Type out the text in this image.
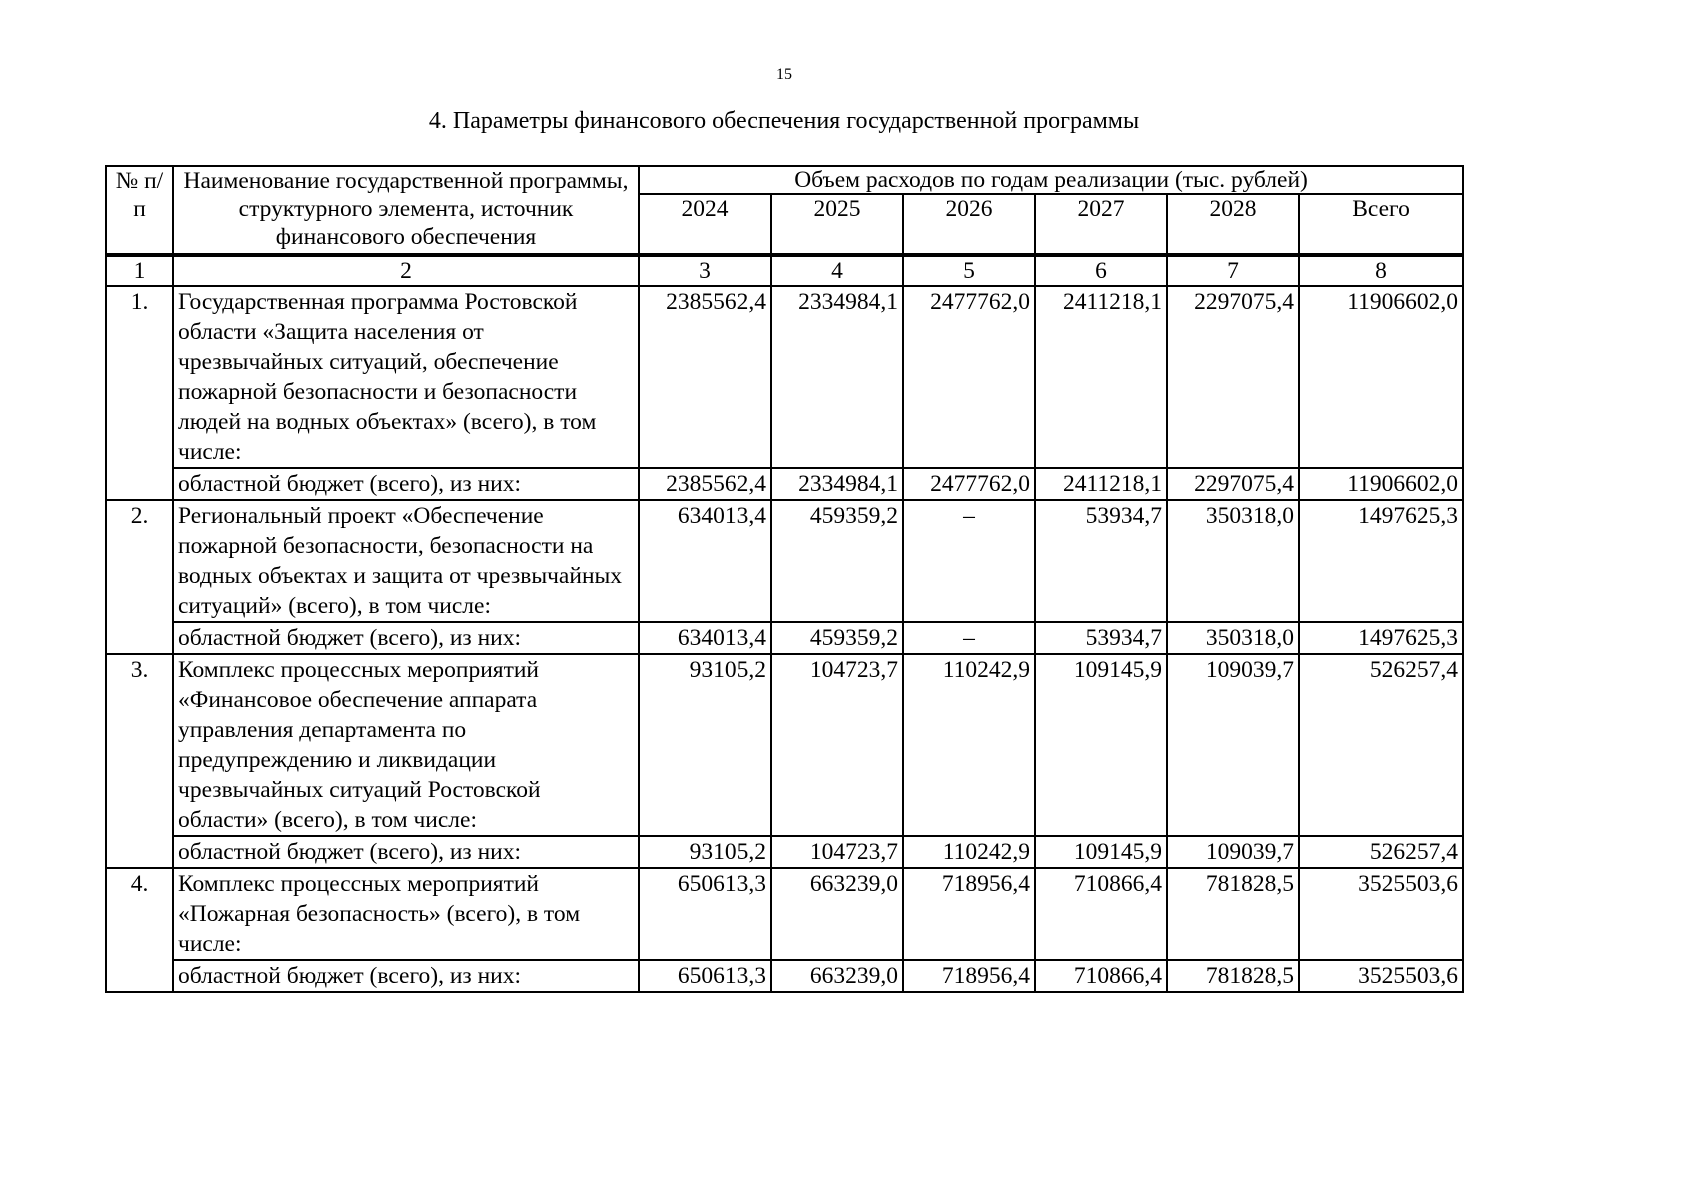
15
4. Параметры финансового обеспечения государственной программы
№ п/п	Наименование государственной программы, структурного элемента, источник финансового обеспечения	Объем расходов по годам реализации (тыс. рублей)					
		2024	2025	2026	2027	2028	Всего
1	2	3	4	5	6	7	8
1.	Государственная программа Ростовской области «Защита населения от чрезвычайных ситуаций, обеспечение пожарной безопасности и безопасности людей на водных объектах» (всего), в том числе:	2385562,4	2334984,1	2477762,0	2411218,1	2297075,4	11906602,0
	областной бюджет (всего), из них:	2385562,4	2334984,1	2477762,0	2411218,1	2297075,4	11906602,0
2.	Региональный проект «Обеспечение пожарной безопасности, безопасности на водных объектах и защита от чрезвычайных ситуаций» (всего), в том числе:	634013,4	459359,2	–	53934,7	350318,0	1497625,3
	областной бюджет (всего), из них:	634013,4	459359,2	–	53934,7	350318,0	1497625,3
3.	Комплекс процессных мероприятий «Финансовое обеспечение аппарата управления департамента по предупреждению и ликвидации чрезвычайных ситуаций Ростовской области» (всего), в том числе:	93105,2	104723,7	110242,9	109145,9	109039,7	526257,4
	областной бюджет (всего), из них:	93105,2	104723,7	110242,9	109145,9	109039,7	526257,4
4.	Комплекс процессных мероприятий «Пожарная безопасность» (всего), в том числе:	650613,3	663239,0	718956,4	710866,4	781828,5	3525503,6
	областной бюджет (всего), из них:	650613,3	663239,0	718956,4	710866,4	781828,5	3525503,6
